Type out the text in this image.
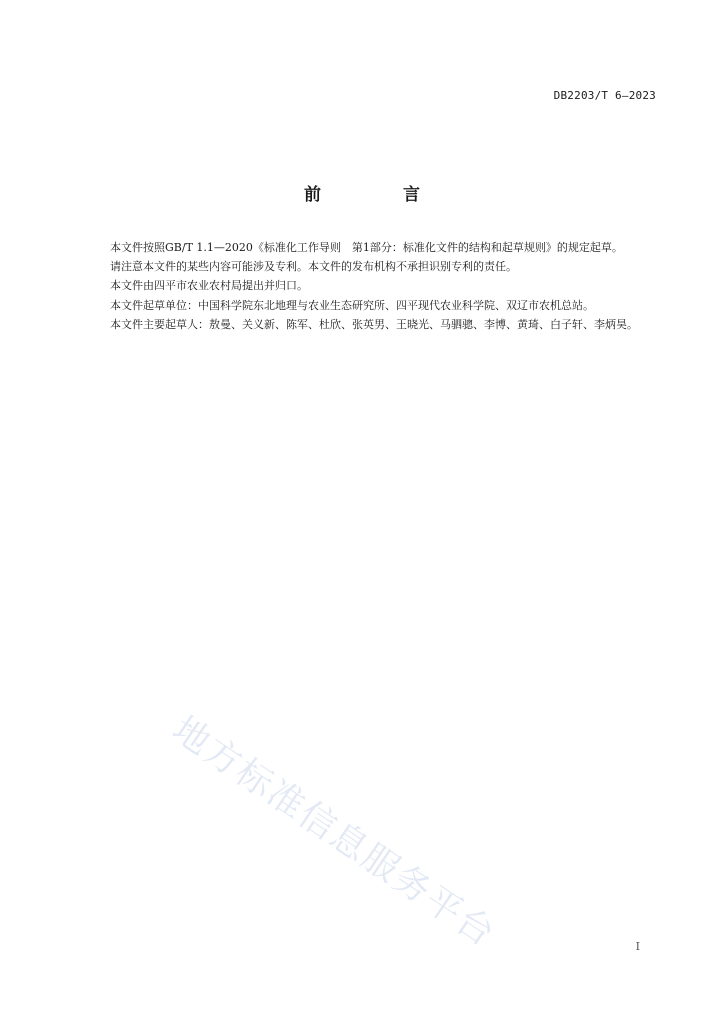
DB2203/T 6—2023
前 言

本文件按照GB/T 1.1—2020《标准化工作导则　第1部分：标准化文件的结构和起草规则》的规定起草。

请注意本文件的某些内容可能涉及专利。本文件的发布机构不承担识别专利的责任。

本文件由四平市农业农村局提出并归口。

本文件起草单位：中国科学院东北地理与农业生态研究所、四平现代农业科学院、双辽市农机总站。

本文件主要起草人：敖曼、关义新、陈军、杜欣、张英男、王晓光、马驷骢、李博、黄琦、白子轩、李炳昊。

地方标准信息服务平台	I
